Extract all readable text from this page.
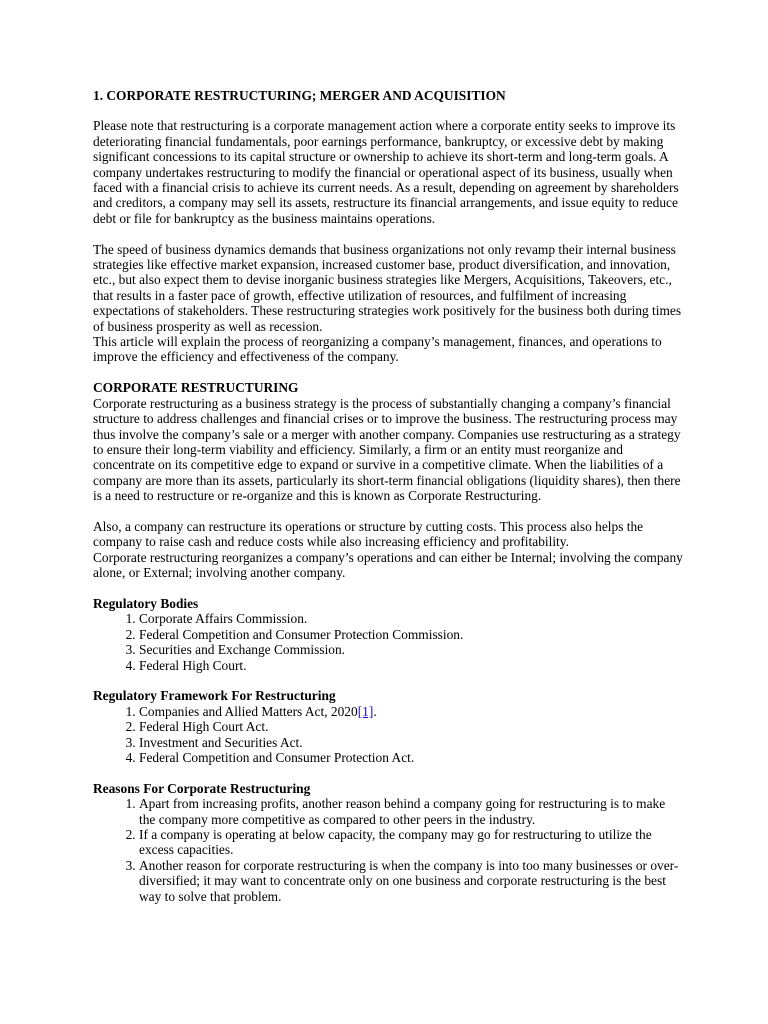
1. CORPORATE RESTRUCTURING; MERGER AND ACQUISITION

Please note that restructuring is a corporate management action where a corporate entity seeks to improve its deteriorating financial fundamentals, poor earnings performance, bankruptcy, or excessive debt by making significant concessions to its capital structure or ownership to achieve its short-term and long-term goals. A company undertakes restructuring to modify the financial or operational aspect of its business, usually when faced with a financial crisis to achieve its current needs. As a result, depending on agreement by shareholders and creditors, a company may sell its assets, restructure its financial arrangements, and issue equity to reduce debt or file for bankruptcy as the business maintains operations.

The speed of business dynamics demands that business organizations not only revamp their internal business strategies like effective market expansion, increased customer base, product diversification, and innovation, etc., but also expect them to devise inorganic business strategies like Mergers, Acquisitions, Takeovers, etc., that results in a faster pace of growth, effective utilization of resources, and fulfilment of increasing expectations of stakeholders. These restructuring strategies work positively for the business both during times of business prosperity as well as recession.

This article will explain the process of reorganizing a company’s management, finances, and operations to improve the efficiency and effectiveness of the company.

CORPORATE RESTRUCTURING

Corporate restructuring as a business strategy is the process of substantially changing a company’s financial structure to address challenges and financial crises or to improve the business. The restructuring process may thus involve the company’s sale or a merger with another company. Companies use restructuring as a strategy to ensure their long-term viability and efficiency. Similarly, a firm or an entity must reorganize and concentrate on its competitive edge to expand or survive in a competitive climate. When the liabilities of a company are more than its assets, particularly its short-term financial obligations (liquidity shares), then there is a need to restructure or re-organize and this is known as Corporate Restructuring.

Also, a company can restructure its operations or structure by cutting costs. This process also helps the company to raise cash and reduce costs while also increasing efficiency and profitability.

Corporate restructuring reorganizes a company’s operations and can either be Internal; involving the company alone, or External; involving another company.

Regulatory Bodies

1. Corporate Affairs Commission.
2. Federal Competition and Consumer Protection Commission.
3. Securities and Exchange Commission.
4. Federal High Court.

Regulatory Framework For Restructuring

1. Companies and Allied Matters Act, 2020[1].
2. Federal High Court Act.
3. Investment and Securities Act.
4. Federal Competition and Consumer Protection Act.

Reasons For Corporate Restructuring

1. Apart from increasing profits, another reason behind a company going for restructuring is to make the company more competitive as compared to other peers in the industry.
2. If a company is operating at below capacity, the company may go for restructuring to utilize the excess capacities.
3. Another reason for corporate restructuring is when the company is into too many businesses or over-diversified; it may want to concentrate only on one business and corporate restructuring is the best way to solve that problem.
